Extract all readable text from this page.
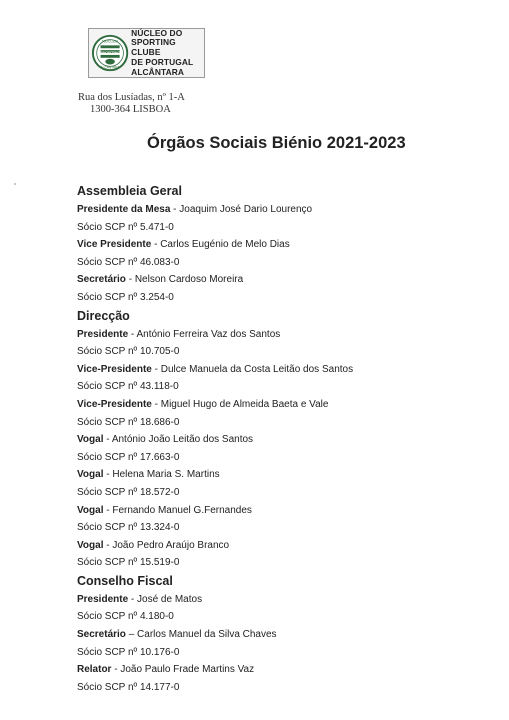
NÚCLEO
SPORTING
ALCÂNTARA
NÚCLEO DO
SPORTING CLUBE
DE PORTUGAL
ALCÂNTARA
Rua dos Lusíadas, nº 1-A
1300-364 LISBOA
Órgãos Sociais Biénio 2021-2023
Assembleia Geral
Presidente da Mesa - Joaquim José Dario Lourenço
Sócio SCP nº 5.471-0
Vice Presidente - Carlos Eugénio de Melo Dias
Sócio SCP nº 46.083-0
Secretário - Nelson Cardoso Moreira
Sócio SCP nº 3.254-0
Direcção
Presidente - António Ferreira Vaz dos Santos
Sócio SCP nº 10.705-0
Vice-Presidente - Dulce Manuela da Costa Leitão dos Santos
Sócio SCP nº 43.118-0
Vice-Presidente - Miguel Hugo de Almeida Baeta e Vale
Sócio SCP nº 18.686-0
Vogal - António João Leitão dos Santos
Sócio SCP nº 17.663-0
Vogal - Helena Maria S. Martins
Sócio SCP nº 18.572-0
Vogal - Fernando Manuel G.Fernandes
Sócio SCP nº 13.324-0
Vogal - João Pedro Araújo Branco
Sócio SCP nº 15.519-0
Conselho Fiscal
Presidente - José de Matos
Sócio SCP nº 4.180-0
Secretário – Carlos Manuel da Silva Chaves
Sócio SCP nº 10.176-0
Relator - João Paulo Frade Martins Vaz
Sócio SCP nº 14.177-0
